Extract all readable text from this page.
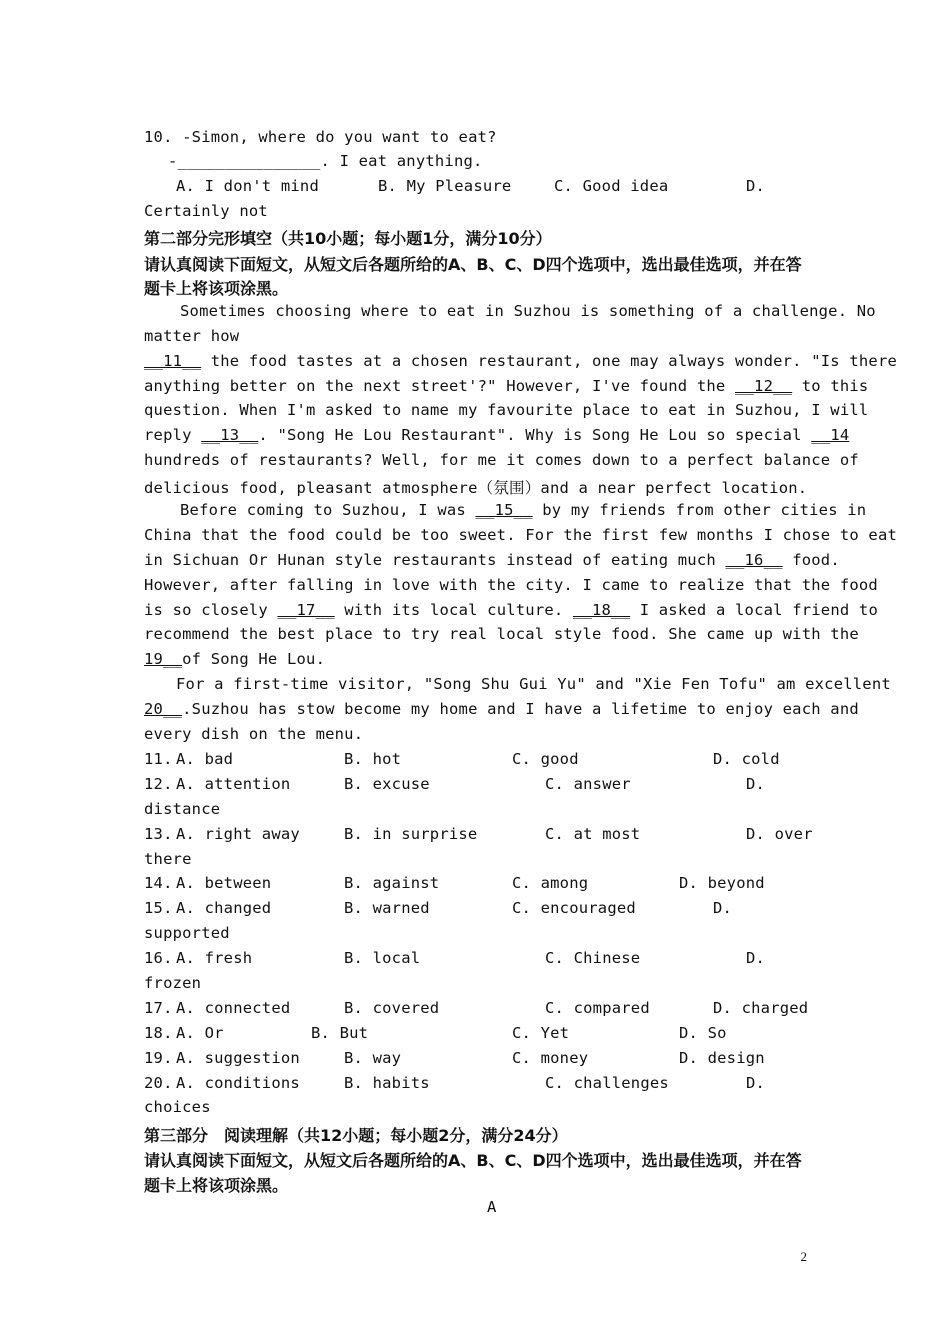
10. -Simon, where do you want to eat?
-_______________. I eat anything.
A. I don't mind	B. My Pleasure	C. Good idea	D.
Certainly not
第二部分完形填空（共10小题；每小题1分，满分10分）
请认真阅读下面短文，从短文后各题所给的A、B、C、D四个选项中，选出最佳选项，并在答
题卡上将该项涂黑。
Sometimes choosing where to eat in Suzhou is something of a challenge. No
matter how
__11__ the food tastes at a chosen restaurant, one may always wonder. "Is there
anything better on the next street'?" However, I've found the __12__ to this
question. When I'm asked to name my favourite place to eat in Suzhou, I will
reply __13__. "Song He Lou Restaurant". Why is Song He Lou so special __14
hundreds of restaurants? Well, for me it comes down to a perfect balance of
delicious food, pleasant atmosphere（氛围）and a near perfect location.
Before coming to Suzhou, I was __15__ by my friends from other cities in
China that the food could be too sweet. For the first few months I chose to eat
in Sichuan Or Hunan style restaurants instead of eating much __16__ food.
However, after falling in love with the city. I came to realize that the food
is so closely __17__ with its local culture. __18__ I asked a local friend to
recommend the best place to try real local style food. She came up with the
19__of Song He Lou.
For a first-time visitor, "Song Shu Gui Yu" and "Xie Fen Tofu" am excellent
20__.Suzhou has stow become my home and I have a lifetime to enjoy each and
every dish on the menu.
11. A. bad	B. hot	C. good	D. cold
12. A. attention	B. excuse	C. answer	D.
distance
13. A. right away	B. in surprise	C. at most	D. over
there
14. A. between	B. against	C. among	D. beyond
15. A. changed	B. warned	C. encouraged	D.
supported
16. A. fresh	B. local	C. Chinese	D.
frozen
17. A. connected	B. covered	C. compared	D. charged
18. A. Or	B. But	C. Yet	D. So
19. A. suggestion	B. way	C. money	D. design
20. A. conditions	B. habits	C. challenges	D.
choices
第三部分　阅读理解（共12小题；每小题2分，满分24分）
请认真阅读下面短文，从短文后各题所给的A、B、C、D四个选项中，选出最佳选项，并在答
题卡上将该项涂黑。
A
2
